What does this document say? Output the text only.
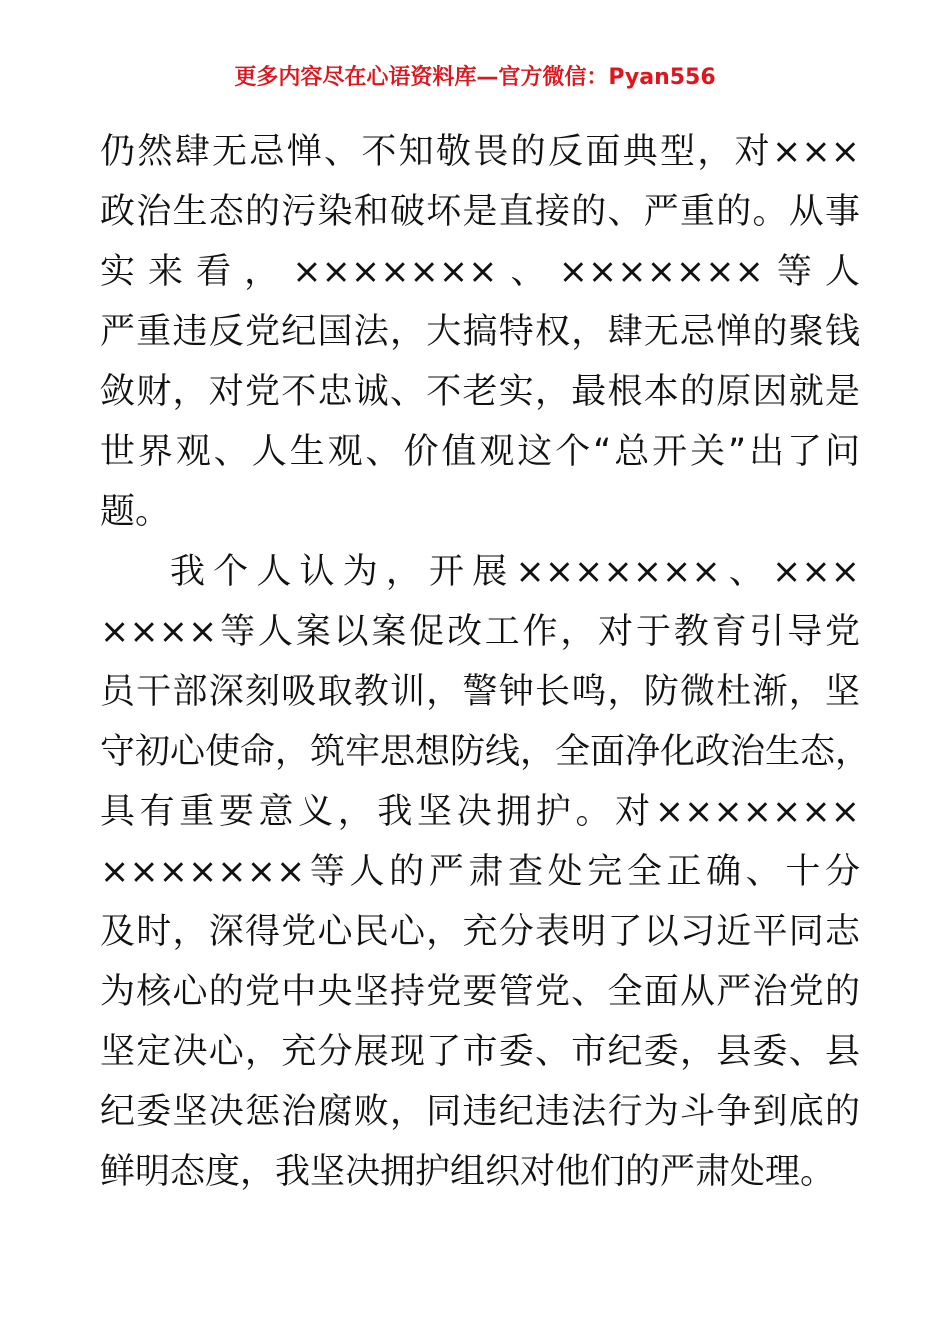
更多内容尽在心语资料库—官方微信：Pyan556
仍然肆无忌惮、不知敬畏的反面典型，对×××
政治生态的污染和破坏是直接的、严重的。从事
实来看，×××××××、×××××××等人
严重违反党纪国法，大搞特权，肆无忌惮的聚钱
敛财，对党不忠诚、不老实，最根本的原因就是
世界观、人生观、价值观这个“总开关”出了问
题。
我个人认为，开展×××××××、×××
××××等人案以案促改工作，对于教育引导党
员干部深刻吸取教训，警钟长鸣，防微杜渐，坚
守初心使命，筑牢思想防线，全面净化政治生态，
具有重要意义，我坚决拥护。对×××××××
×××××××等人的严肃查处完全正确、十分
及时，深得党心民心，充分表明了以习近平同志
为核心的党中央坚持党要管党、全面从严治党的
坚定决心，充分展现了市委、市纪委，县委、县
纪委坚决惩治腐败，同违纪违法行为斗争到底的
鲜明态度，我坚决拥护组织对他们的严肃处理。
